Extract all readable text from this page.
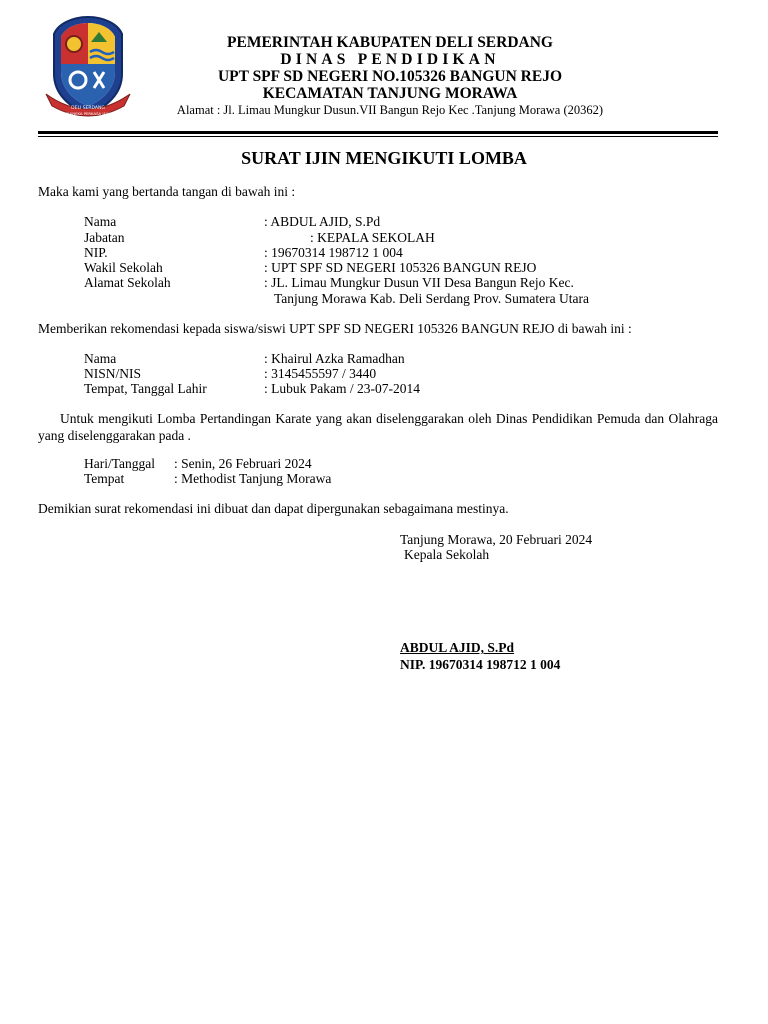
DELI SERDANG
BHINEKA PERKASA JAYA
PEMERINTAH KABUPATEN DELI SERDANG
DINAS PENDIDIKAN
UPT SPF SD NEGERI NO.105326 BANGUN REJO
KECAMATAN TANJUNG MORAWA
Alamat : Jl. Limau Mungkur Dusun.VII Bangun Rejo Kec .Tanjung Morawa (20362)
SURAT IJIN MENGIKUTI LOMBA
Maka kami yang bertanda tangan di bawah ini :
Nama	: ABDUL AJID, S.Pd
Jabatan	: KEPALA SEKOLAH
NIP.	: 19670314 198712 1 004
Wakil Sekolah	: UPT SPF SD NEGERI 105326 BANGUN REJO
Alamat Sekolah	: JL. Limau Mungkur Dusun VII Desa Bangun Rejo Kec.
Tanjung Morawa Kab. Deli Serdang Prov. Sumatera Utara
Memberikan rekomendasi kepada siswa/siswi UPT SPF SD NEGERI 105326 BANGUN REJO di bawah ini :
Nama	: Khairul Azka Ramadhan
NISN/NIS	: 3145455597 / 3440
Tempat, Tanggal Lahir	: Lubuk Pakam / 23-07-2014
Untuk mengikuti Lomba Pertandingan Karate yang akan diselenggarakan oleh Dinas Pendidikan Pemuda dan Olahraga yang diselenggarakan pada .
Hari/Tanggal : Senin, 26 Februari 2024
Tempat	: Methodist Tanjung Morawa
Demikian surat rekomendasi ini dibuat dan dapat dipergunakan sebagaimana mestinya.
Tanjung Morawa, 20 Februari 2024
Kepala Sekolah
ABDUL AJID, S.Pd
NIP. 19670314 198712 1 004
